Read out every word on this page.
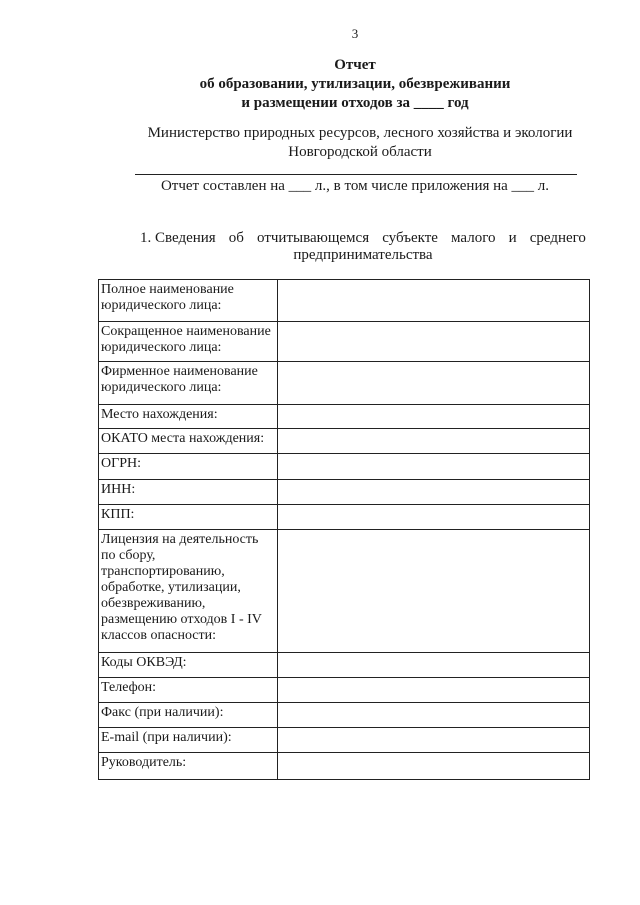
3
Отчет
об образовании, утилизации, обезвреживании
и размещении отходов за ____ год
Министерство природных ресурсов, лесного хозяйства и экологии
Новгородской области
Отчет составлен на ___ л., в том числе приложения на ___ л.
1. Сведения об отчитывающемся субъекте малого и среднего
предпринимательства
Полное наименование юридического лица:	
Сокращенное наименование юридического лица:	
Фирменное наименование юридического лица:	
Место нахождения:	
ОКАТО места нахождения:	
ОГРН:	
ИНН:	
КПП:	
Лицензия на деятельность по сбору, транспортированию, обработке, утилизации, обезвреживанию, размещению отходов I - IV классов опасности:	
Коды ОКВЭД:	
Телефон:	
Факс (при наличии):	
E-mail (при наличии):	
Руководитель:	
